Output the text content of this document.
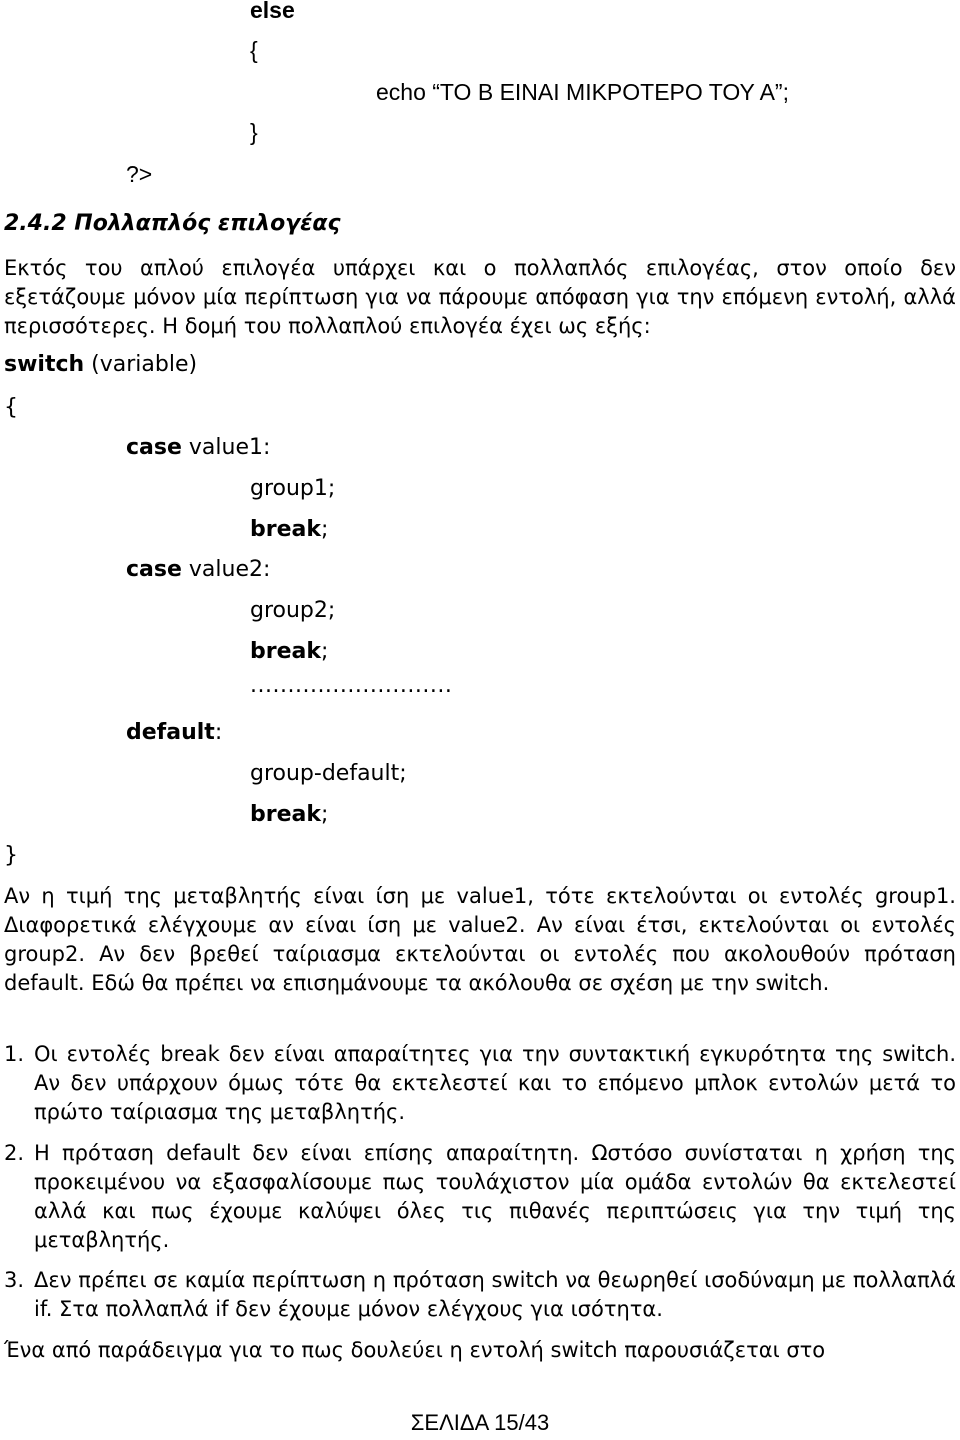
else
{
echo “ΤΟ Β ΕΙΝΑΙ ΜΙΚΡΟΤΕΡΟ ΤΟΥ Α”;
}
?>
2.4.2 Πολλαπλός επιλογέας
Εκτός του απλού επιλογέα υπάρχει και ο πολλαπλός επιλογέας, στον οποίο δεν εξετάζουμε μόνον μία περίπτωση για να πάρουμε απόφαση για την επόμενη εντολή, αλλά περισσότερες. Η δομή του πολλαπλού επιλογέα έχει ως εξής:
switch (variable)
{
case value1:
group1;
break;
case value2:
group2;
break;
...........................
default:
group-default;
break;
}
Αν η τιμή της μεταβλητής είναι ίση με value1, τότε εκτελούνται οι εντολές group1. Διαφορετικά ελέγχουμε αν είναι ίση με value2. Αν είναι έτσι, εκτελούνται οι εντολές group2. Αν δεν βρεθεί ταίριασμα εκτελούνται οι εντολές που ακολουθούν πρόταση default. Εδώ θα πρέπει να επισημάνουμε τα ακόλουθα σε σχέση με την switch.
1. Οι εντολές break δεν είναι απαραίτητες για την συντακτική εγκυρότητα της switch. Αν δεν υπάρχουν όμως τότε θα εκτελεστεί και το επόμενο μπλοκ εντολών μετά το πρώτο ταίριασμα της μεταβλητής.
2. Η πρόταση default δεν είναι επίσης απαραίτητη. Ωστόσο συνίσταται η χρήση της προκειμένου να εξασφαλίσουμε πως τουλάχιστον μία ομάδα εντολών θα εκτελεστεί αλλά και πως έχουμε καλύψει όλες τις πιθανές περιπτώσεις για την τιμή της μεταβλητής.
3. Δεν πρέπει σε καμία περίπτωση η πρόταση switch να θεωρηθεί ισοδύναμη με πολλαπλά if. Στα πολλαπλά if δεν έχουμε μόνον ελέγχους για ισότητα.
Ένα από παράδειγμα για το πως δουλεύει η εντολή switch παρουσιάζεται στο
ΣΕΛΙΔΑ 15/43
